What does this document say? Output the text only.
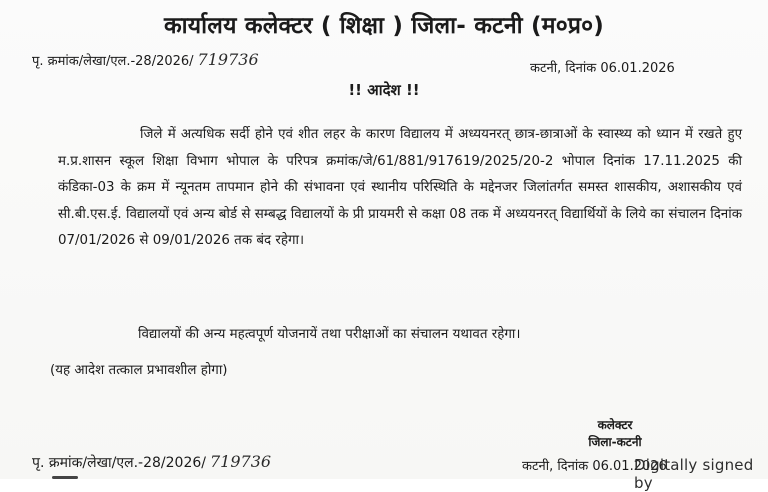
कार्यालय कलेक्टर ( शिक्षा ) जिला- कटनी (म०प्र०)
पृ. क्रमांक/लेखा/एल.-28/2026/ 719736	कटनी, दिनांक 06.01.2026
!! आदेश !!

जिले में अत्यधिक सर्दी होने एवं शीत लहर के कारण विद्यालय में अध्ययनरत् छात्र-छात्राओं के स्वास्थ्य को ध्यान में रखते हुए म.प्र.शासन स्कूल शिक्षा विभाग भोपाल के परिपत्र क्रमांक/जे/61/881/917619/2025/20-2 भोपाल दिनांक 17.11.2025 की कंडिका-03 के क्रम में न्यूनतम तापमान होने की संभावना एवं स्थानीय परिस्थिति के मद्देनजर जिलांतर्गत समस्त शासकीय, अशासकीय एवं सी.बी.एस.ई. विद्यालयों एवं अन्य बोर्ड से सम्बद्ध विद्यालयों के प्री प्रायमरी से कक्षा 08 तक में अध्ययनरत् विद्यार्थियों के लिये का संचालन दिनांक 07/01/2026 से 09/01/2026 तक बंद रहेगा।

विद्यालयों की अन्य महत्वपूर्ण योजनायें तथा परीक्षाओं का संचालन यथावत रहेगा।

(यह आदेश तत्काल प्रभावशील होगा)

कलेक्टर
जिला-कटनी
पृ. क्रमांक/लेखा/एल.-28/2026/ 719736	कटनी, दिनांक 06.01.2026
Digitally signed by
